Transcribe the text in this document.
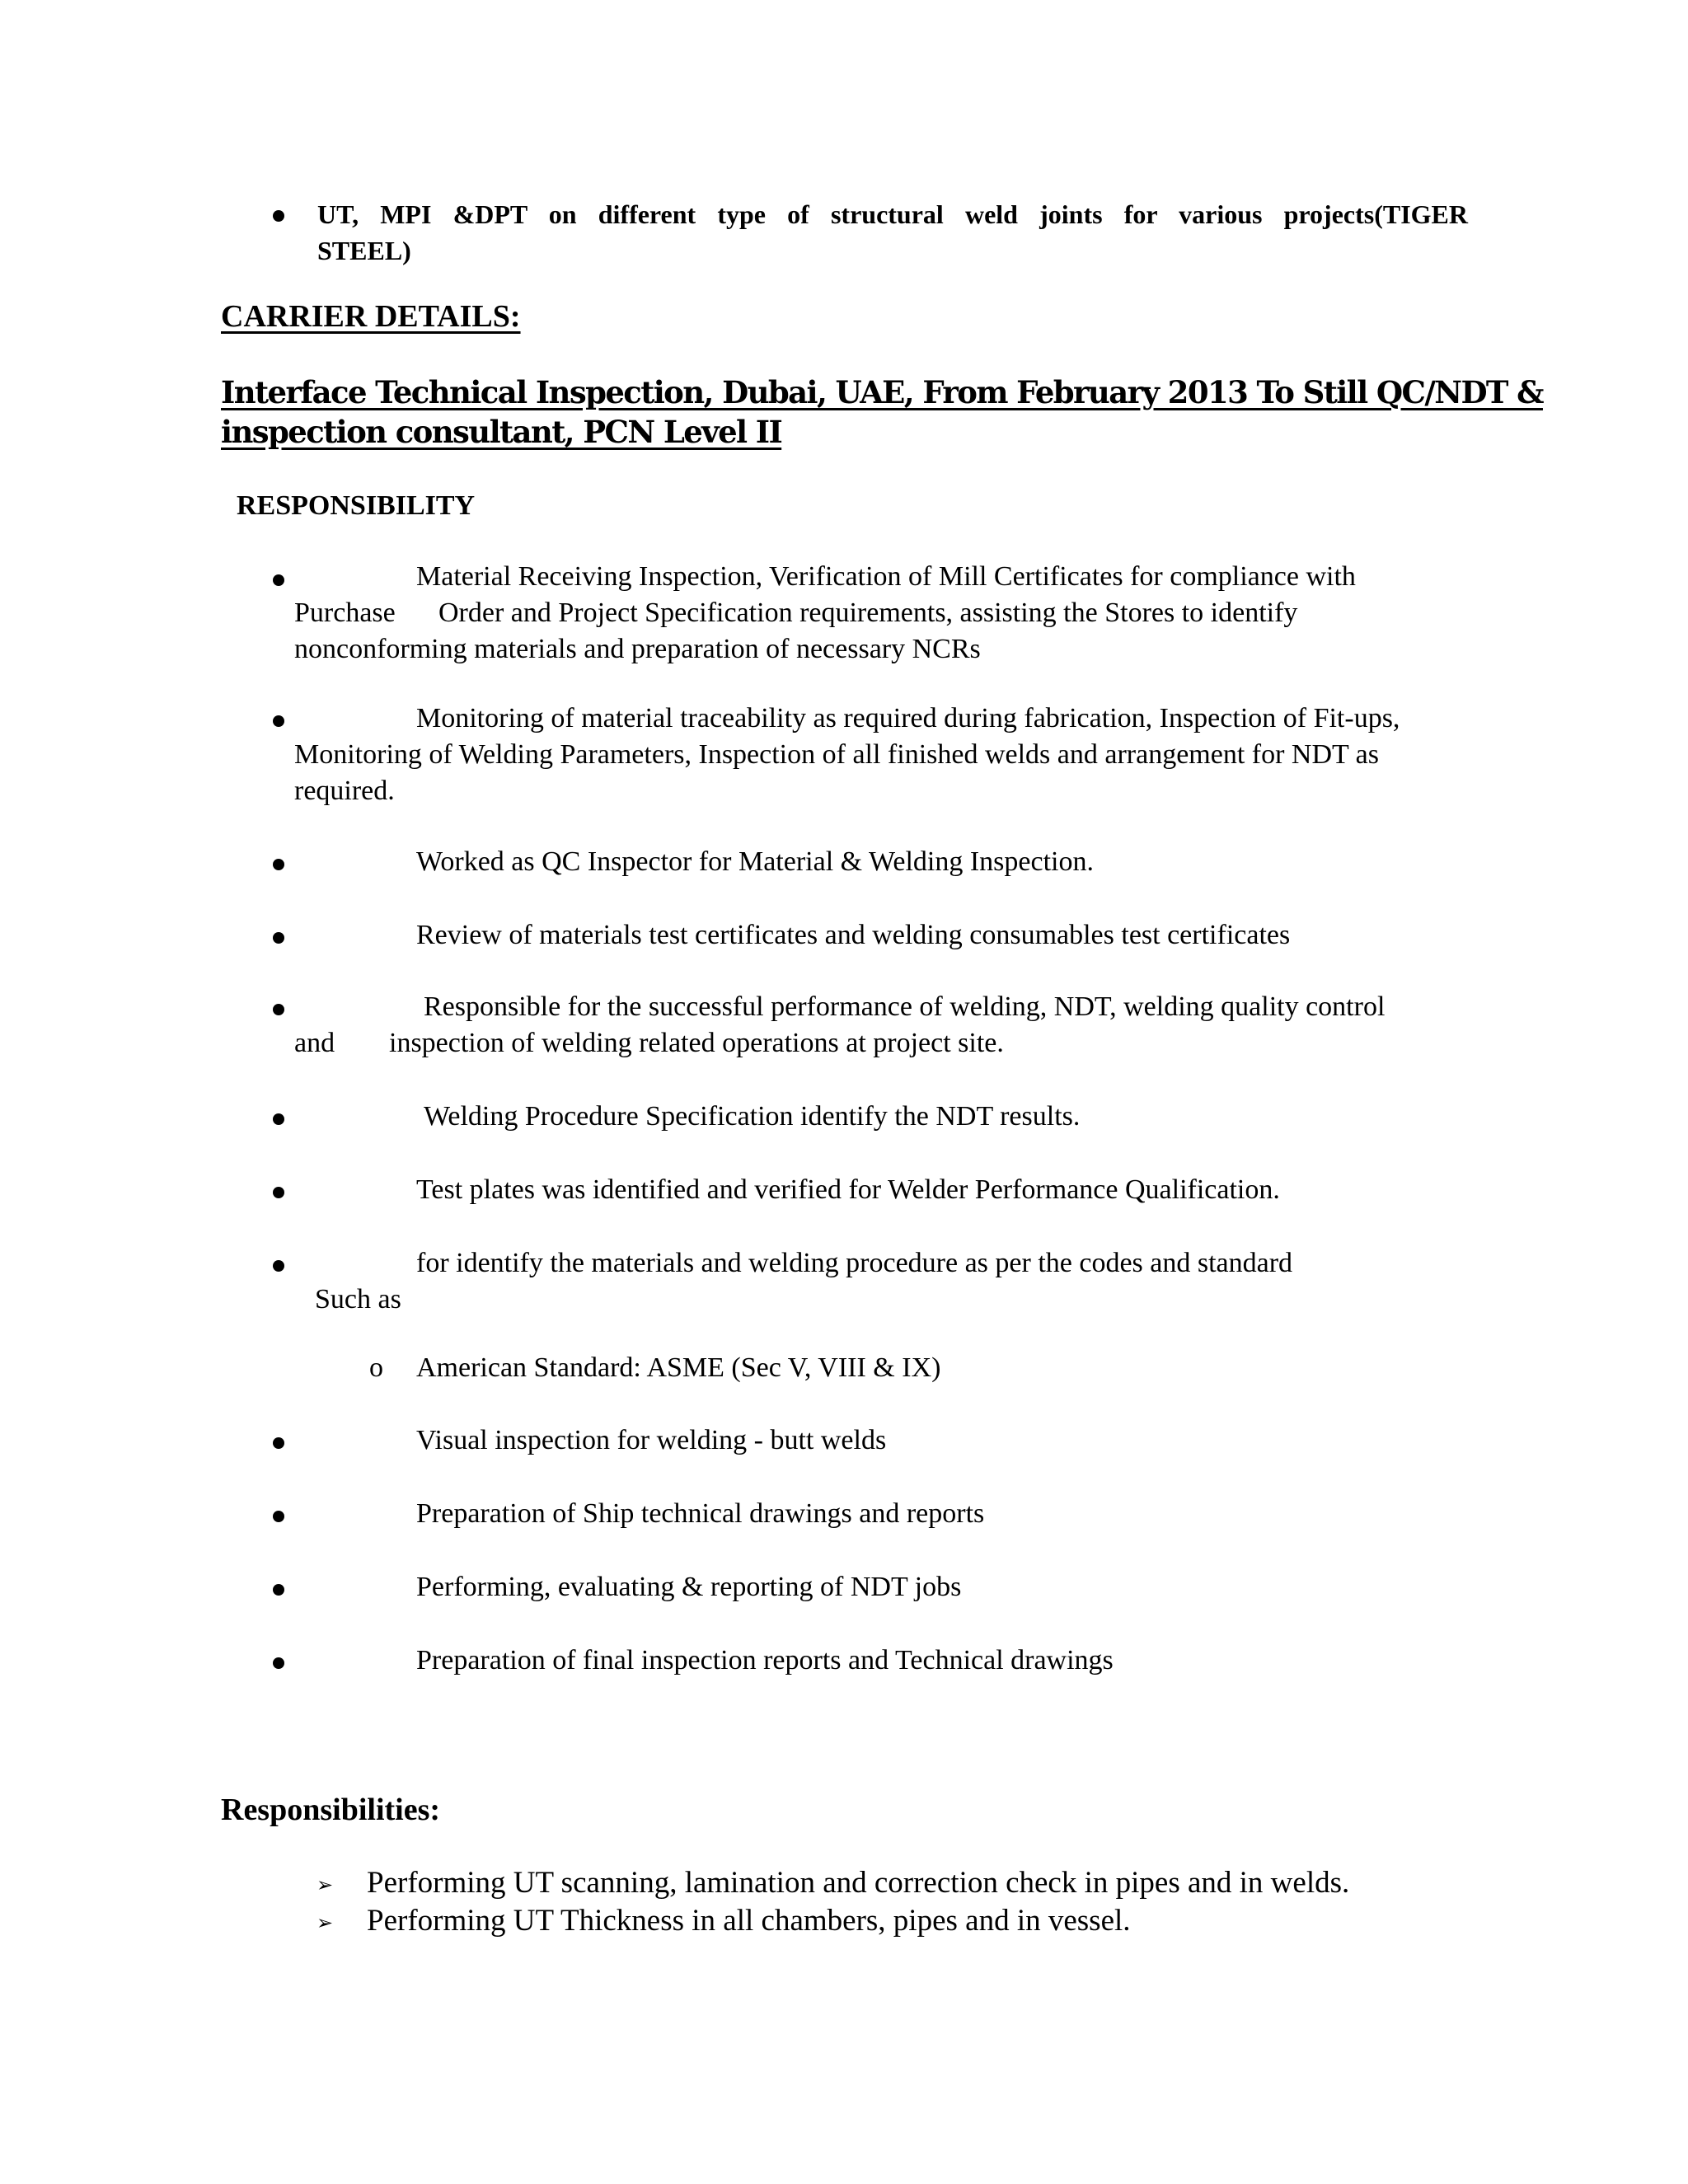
UT, MPI &DPT on different type of structural weld joints for various projects(TIGER
STEEL)
CARRIER DETAILS:
Interface Technical Inspection, Dubai, UAE, From February 2013 To Still QC/NDT &
inspection consultant, PCN Level II
RESPONSIBILITY
Material Receiving Inspection, Verification of Mill Certificates for compliance with
Purchase Order and Project Specification requirements, assisting the Stores to identify
nonconforming materials and preparation of necessary NCRs
Monitoring of material traceability as required during fabrication, Inspection of Fit-ups,
Monitoring of Welding Parameters, Inspection of all finished welds and arrangement for NDT as
required.
Worked as QC Inspector for Material & Welding Inspection.
Review of materials test certificates and welding consumables test certificates
Responsible for the successful performance of welding, NDT, welding quality control
and inspection of welding related operations at project site.
Welding Procedure Specification identify the NDT results.
Test plates was identified and verified for Welder Performance Qualification.
for identify the materials and welding procedure as per the codes and standard
Such as
o American Standard: ASME (Sec V, VIII & IX)
Visual inspection for welding - butt welds
Preparation of Ship technical drawings and reports
Performing, evaluating & reporting of NDT jobs
Preparation of final inspection reports and Technical drawings
Responsibilities:
➢ Performing UT scanning, lamination and correction check in pipes and in welds.
➢ Performing UT Thickness in all chambers, pipes and in vessel.
